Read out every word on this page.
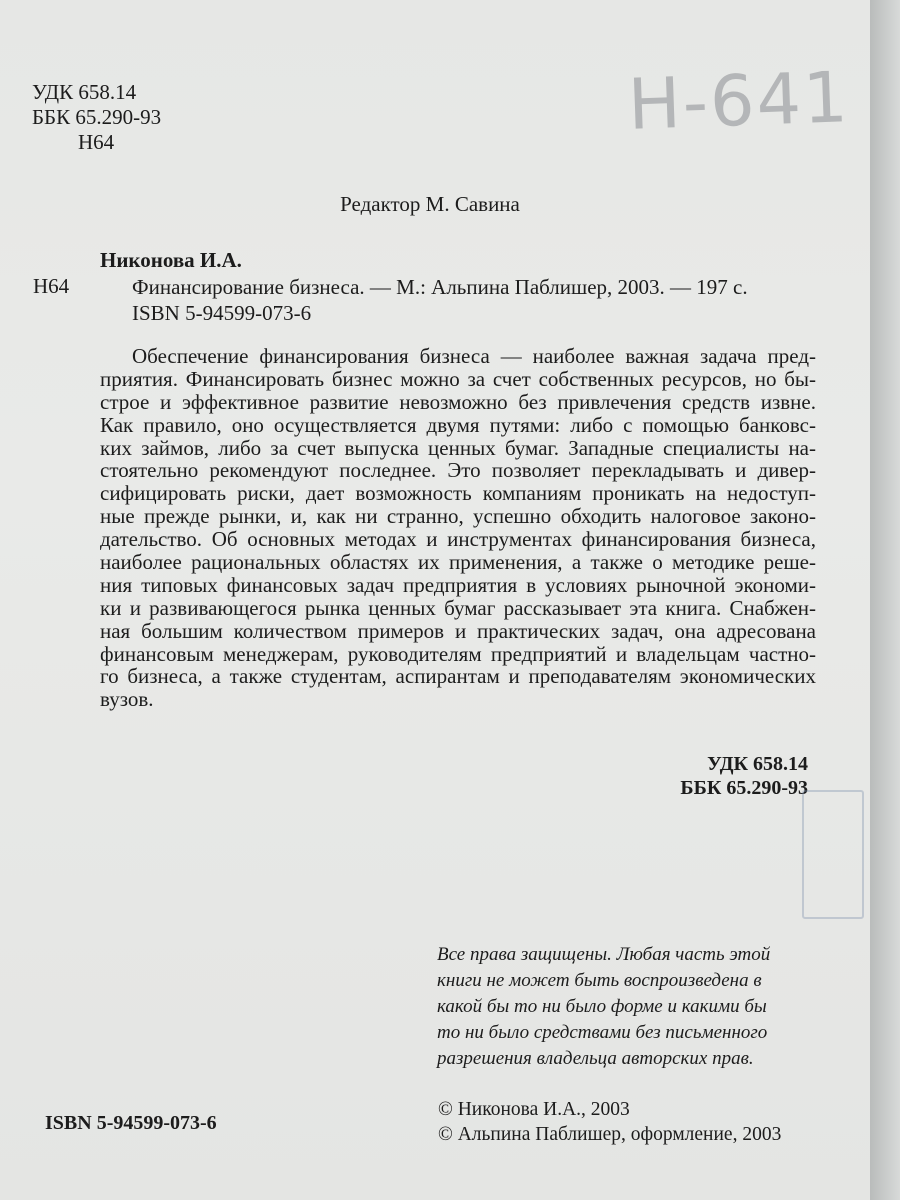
Н-641
УДК 658.14
ББК 65.290-93
Н64
Редактор М. Савина
Никонова И.А.
Н64	Финансирование бизнеса. — М.: Альпина Паблишер, 2003. — 197 с.
ISBN 5-94599-073-6
Обеспечение финансирования бизнеса — наиболее важная задача пред-
приятия. Финансировать бизнес можно за счет собственных ресурсов, но бы-
строе и эффективное развитие невозможно без привлечения средств извне.
Как правило, оно осуществляется двумя путями: либо с помощью банковс-
ких займов, либо за счет выпуска ценных бумаг. Западные специалисты на-
стоятельно рекомендуют последнее. Это позволяет перекладывать и дивер-
сифицировать риски, дает возможность компаниям проникать на недоступ-
ные прежде рынки, и, как ни странно, успешно обходить налоговое законо-
дательство. Об основных методах и инструментах финансирования бизнеса,
наиболее рациональных областях их применения, а также о методике реше-
ния типовых финансовых задач предприятия в условиях рыночной экономи-
ки и развивающегося рынка ценных бумаг рассказывает эта книга. Снабжен-
ная большим количеством примеров и практических задач, она адресована
финансовым менеджерам, руководителям предприятий и владельцам частно-
го бизнеса, а также студентам, аспирантам и преподавателям экономических
вузов.
УДК 658.14
ББК 65.290-93
Все права защищены. Любая часть этой
книги не может быть воспроизведена в
какой бы то ни было форме и какими бы
то ни было средствами без письменного
разрешения владельца авторских прав.
ISBN 5-94599-073-6
© Никонова И.А., 2003
© Альпина Паблишер, оформление, 2003
